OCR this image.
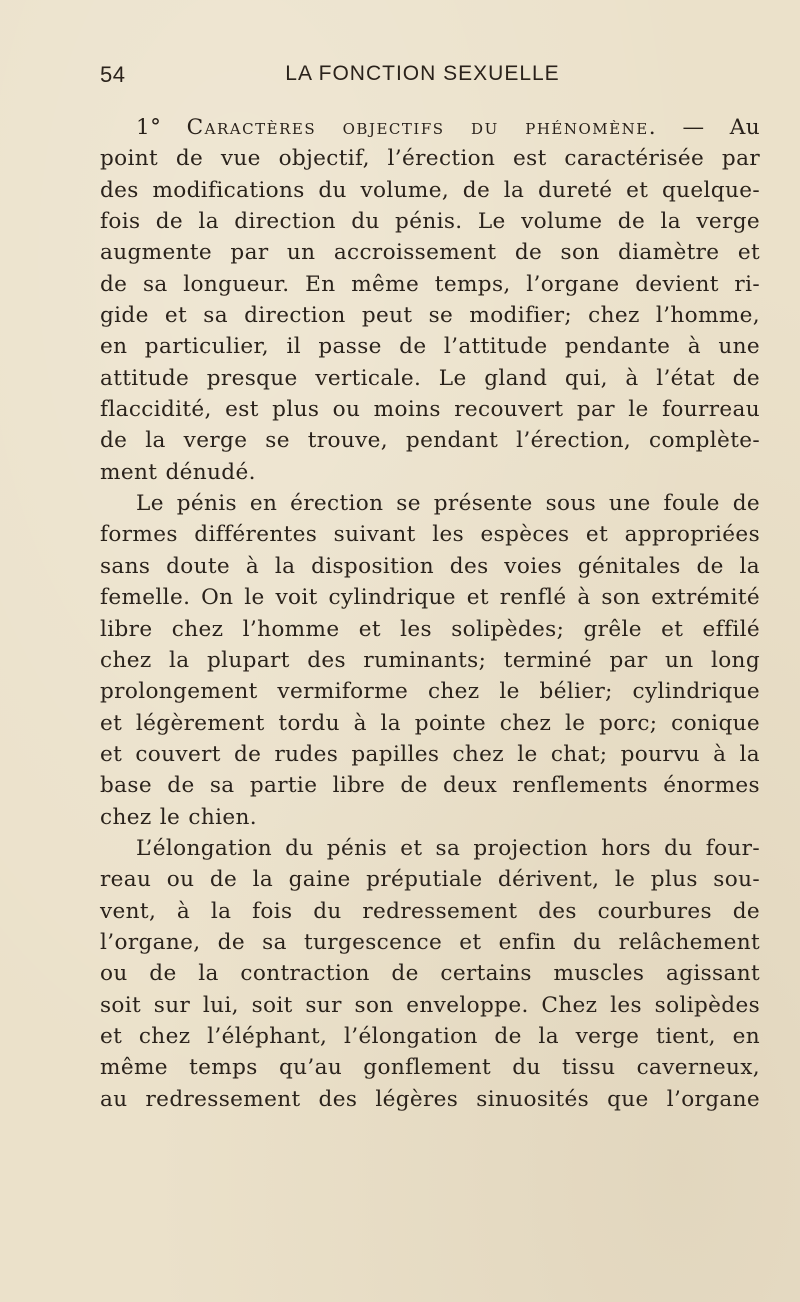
54	LA FONCTION SEXUELLE
1° Caractères objectifs du phénomène. — Au
point de vue objectif, l’érection est caractérisée par
des modifications du volume, de la dureté et quelque-
fois de la direction du pénis. Le volume de la verge
augmente par un accroissement de son diamètre et
de sa longueur. En même temps, l’organe devient ri-
gide et sa direction peut se modifier; chez l’homme,
en particulier, il passe de l’attitude pendante à une
attitude presque verticale. Le gland qui, à l’état de
flaccidité, est plus ou moins recouvert par le fourreau
de la verge se trouve, pendant l’érection, complète-
ment dénudé.
Le pénis en érection se présente sous une foule de
formes différentes suivant les espèces et appropriées
sans doute à la disposition des voies génitales de la
femelle. On le voit cylindrique et renflé à son extrémité
libre chez l’homme et les solipèdes; grêle et effilé
chez la plupart des ruminants; terminé par un long
prolongement vermiforme chez le bélier; cylindrique
et légèrement tordu à la pointe chez le porc; conique
et couvert de rudes papilles chez le chat; pourvu à la
base de sa partie libre de deux renflements énormes
chez le chien.
L’élongation du pénis et sa projection hors du four-
reau ou de la gaine préputiale dérivent, le plus sou-
vent, à la fois du redressement des courbures de
l’organe, de sa turgescence et enfin du relâchement
ou de la contraction de certains muscles agissant
soit sur lui, soit sur son enveloppe. Chez les solipèdes
et chez l’éléphant, l’élongation de la verge tient, en
même temps qu’au gonflement du tissu caverneux,
au redressement des légères sinuosités que l’organe
